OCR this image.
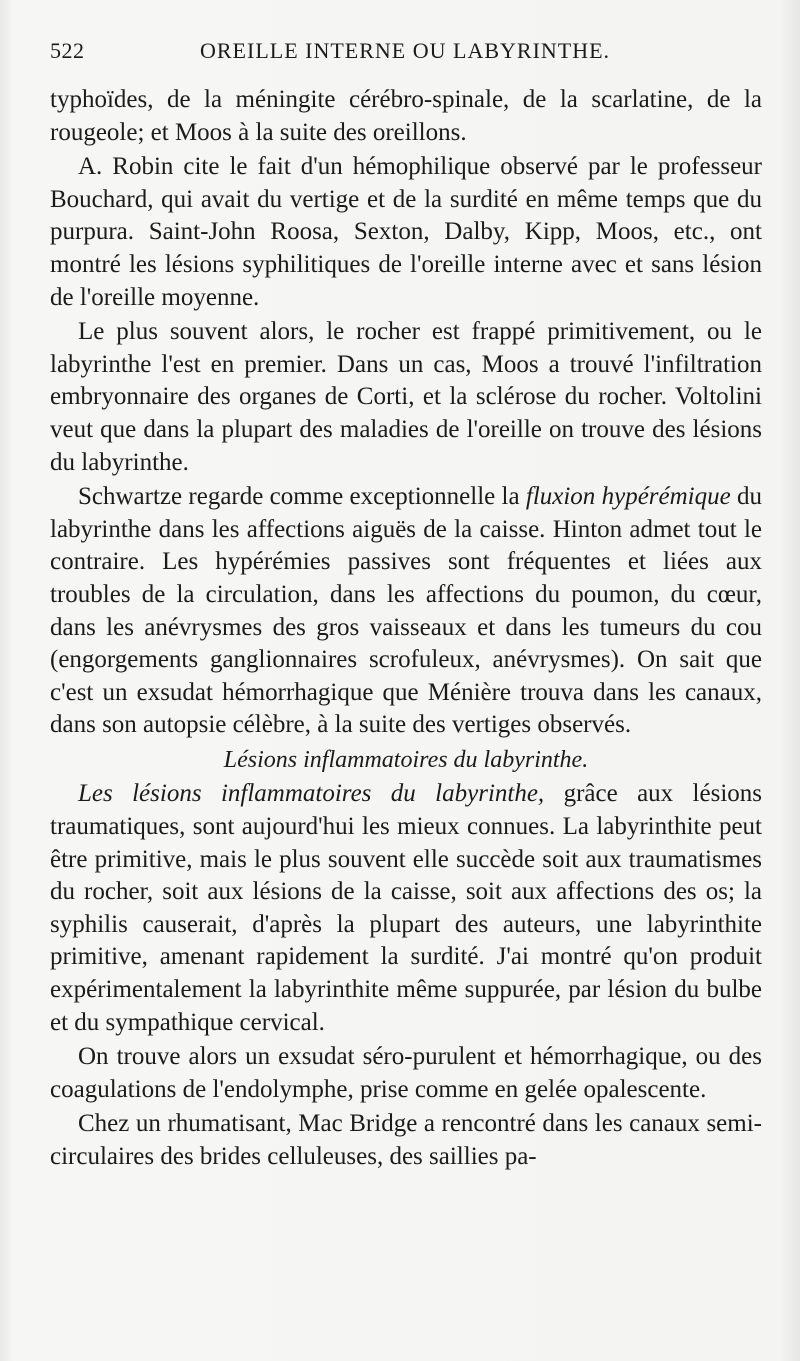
522	OREILLE INTERNE OU LABYRINTHE.

typhoïdes, de la méningite cérébro-spinale, de la scarlatine, de la rougeole; et Moos à la suite des oreillons.

A. Robin cite le fait d'un hémophilique observé par le professeur Bouchard, qui avait du vertige et de la surdité en même temps que du purpura. Saint-John Roosa, Sexton, Dalby, Kipp, Moos, etc., ont montré les lésions syphilitiques de l'oreille interne avec et sans lésion de l'oreille moyenne.

Le plus souvent alors, le rocher est frappé primitivement, ou le labyrinthe l'est en premier. Dans un cas, Moos a trouvé l'infiltration embryonnaire des organes de Corti, et la sclérose du rocher. Voltolini veut que dans la plupart des maladies de l'oreille on trouve des lésions du labyrinthe.

Schwartze regarde comme exceptionnelle la fluxion hypérémique du labyrinthe dans les affections aiguës de la caisse. Hinton admet tout le contraire. Les hypérémies passives sont fréquentes et liées aux troubles de la circulation, dans les affections du poumon, du cœur, dans les anévrysmes des gros vaisseaux et dans les tumeurs du cou (engorgements ganglionnaires scrofuleux, anévrysmes). On sait que c'est un exsudat hémorrhagique que Ménière trouva dans les canaux, dans son autopsie célèbre, à la suite des vertiges observés.

Lésions inflammatoires du labyrinthe.

Les lésions inflammatoires du labyrinthe, grâce aux lésions traumatiques, sont aujourd'hui les mieux connues. La labyrinthite peut être primitive, mais le plus souvent elle succède soit aux traumatismes du rocher, soit aux lésions de la caisse, soit aux affections des os; la syphilis causerait, d'après la plupart des auteurs, une labyrinthite primitive, amenant rapidement la surdité. J'ai montré qu'on produit expérimentalement la labyrinthite même suppurée, par lésion du bulbe et du sympathique cervical.

On trouve alors un exsudat séro-purulent et hémorrhagique, ou des coagulations de l'endolymphe, prise comme en gelée opalescente.

Chez un rhumatisant, Mac Bridge a rencontré dans les canaux semi-circulaires des brides celluleuses, des saillies pa-
